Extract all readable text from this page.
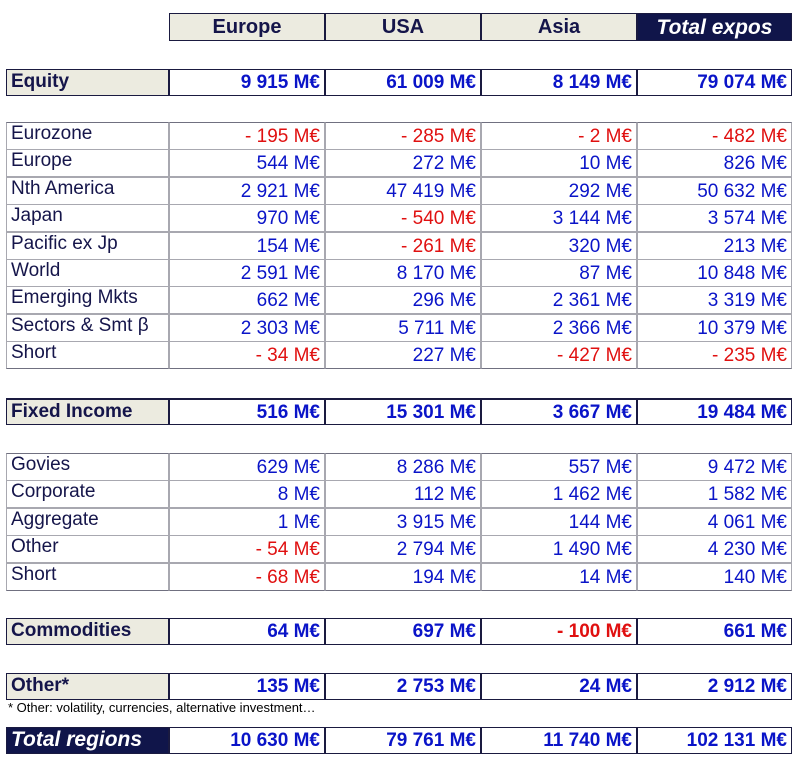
Europe	USA	Asia	Total expos
Equity	9 915 M€	61 009 M€	8 149 M€	79 074 M€
Eurozone	- 195 M€	- 285 M€	- 2 M€	- 482 M€
Europe	544 M€	272 M€	10 M€	826 M€
Nth America	2 921 M€	47 419 M€	292 M€	50 632 M€
Japan	970 M€	- 540 M€	3 144 M€	3 574 M€
Pacific ex Jp	154 M€	- 261 M€	320 M€	213 M€
World	2 591 M€	8 170 M€	87 M€	10 848 M€
Emerging Mkts	662 M€	296 M€	2 361 M€	3 319 M€
Sectors & Smt β	2 303 M€	5 711 M€	2 366 M€	10 379 M€
Short	- 34 M€	227 M€	- 427 M€	- 235 M€
Fixed Income	516 M€	15 301 M€	3 667 M€	19 484 M€
Govies	629 M€	8 286 M€	557 M€	9 472 M€
Corporate	8 M€	112 M€	1 462 M€	1 582 M€
Aggregate	1 M€	3 915 M€	144 M€	4 061 M€
Other	- 54 M€	2 794 M€	1 490 M€	4 230 M€
Short	- 68 M€	194 M€	14 M€	140 M€
Commodities	64 M€	697 M€	- 100 M€	661 M€
Other*	135 M€	2 753 M€	24 M€	2 912 M€
* Other: volatility, currencies, alternative investment…
Total regions	10 630 M€	79 761 M€	11 740 M€	102 131 M€
